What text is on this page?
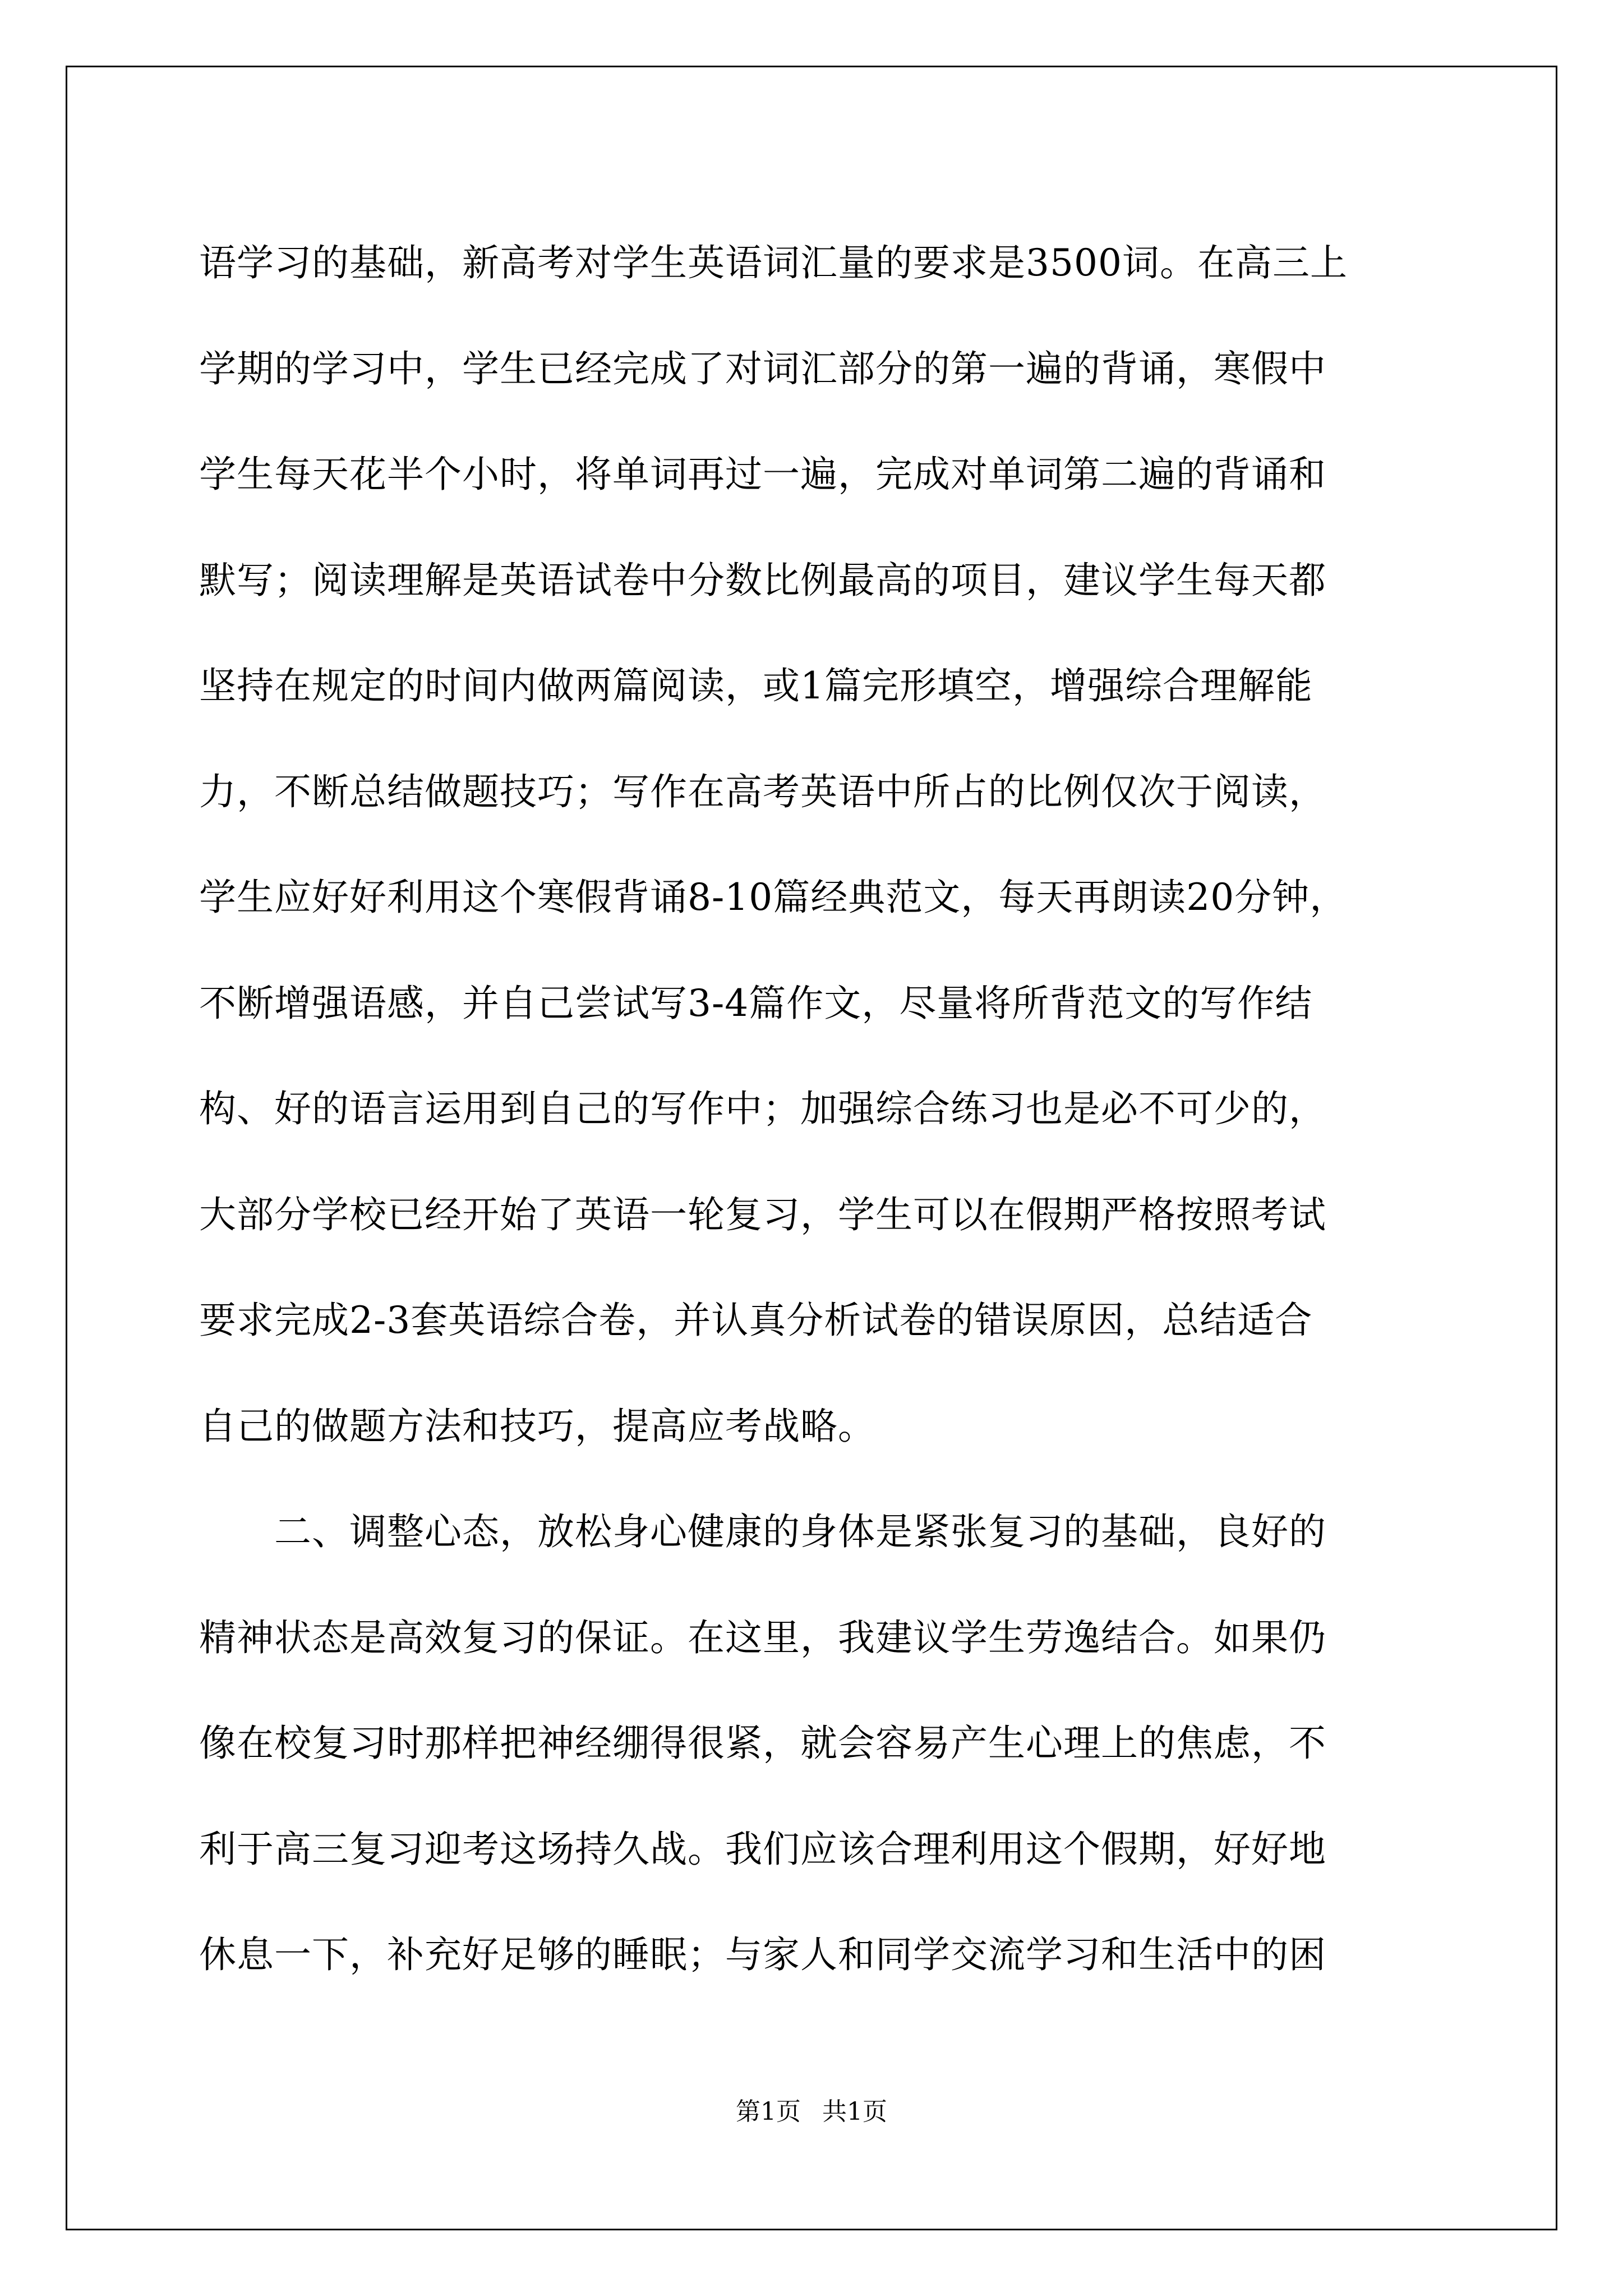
语学习的基础，新高考对学生英语词汇量的要求是3500词。在高三上
学期的学习中，学生已经完成了对词汇部分的第一遍的背诵，寒假中
学生每天花半个小时，将单词再过一遍，完成对单词第二遍的背诵和
默写；阅读理解是英语试卷中分数比例最高的项目，建议学生每天都
坚持在规定的时间内做两篇阅读，或1篇完形填空，增强综合理解能
力，不断总结做题技巧；写作在高考英语中所占的比例仅次于阅读，
学生应好好利用这个寒假背诵8-10篇经典范文，每天再朗读20分钟，
不断增强语感，并自己尝试写3-4篇作文，尽量将所背范文的写作结
构、好的语言运用到自己的写作中；加强综合练习也是必不可少的，
大部分学校已经开始了英语一轮复习，学生可以在假期严格按照考试
要求完成2-3套英语综合卷，并认真分析试卷的错误原因，总结适合
自己的做题方法和技巧，提高应考战略。
　　二、调整心态，放松身心健康的身体是紧张复习的基础，良好的
精神状态是高效复习的保证。在这里，我建议学生劳逸结合。如果仍
像在校复习时那样把神经绷得很紧，就会容易产生心理上的焦虑，不
利于高三复习迎考这场持久战。我们应该合理利用这个假期，好好地
休息一下，补充好足够的睡眠；与家人和同学交流学习和生活中的困
第1页 共1页
